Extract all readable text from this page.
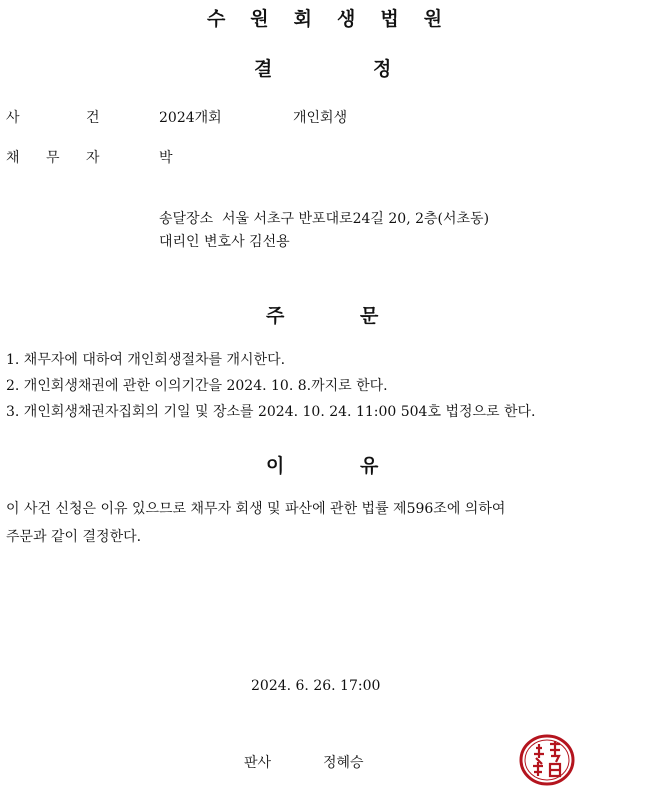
수원회생법원
결	정
사	건	2024개회	개인회생
채 무 자	박
송달장소  서울 서초구 반포대로24길 20, 2층(서초동)
대리인 변호사 김선용
주	문
1. 채무자에 대하여 개인회생절차를 개시한다.
2. 개인회생채권에 관한 이의기간을 2024. 10. 8.까지로 한다.
3. 개인회생채권자집회의 기일 및 장소를 2024. 10. 24. 11:00 504호 법정으로 한다.
이	유
이 사건 신청은 이유 있으므로 채무자 회생 및 파산에 관한 법률 제596조에 의하여
주문과 같이 결정한다.
2024. 6. 26. 17:00
판사	정혜승
